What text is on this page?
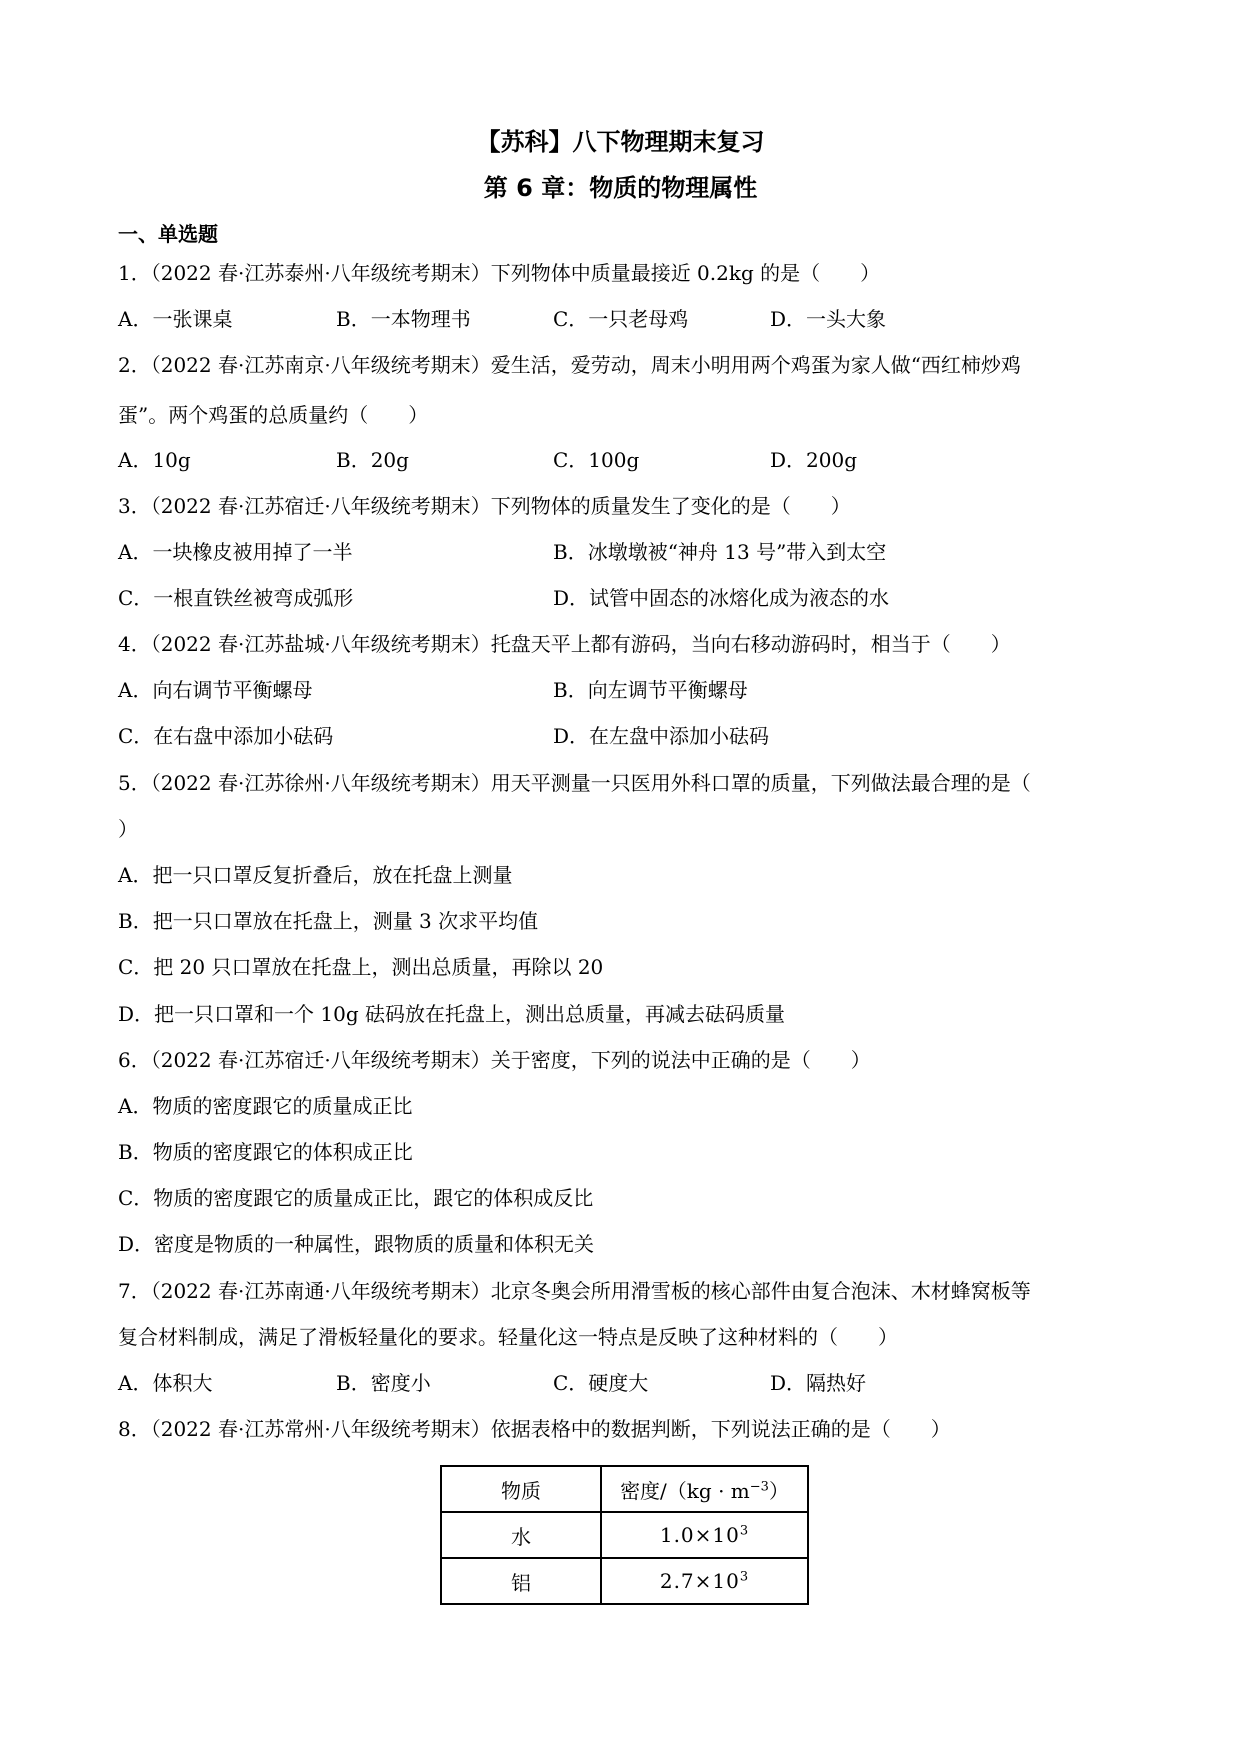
【苏科】八下物理期末复习
第 6 章：物质的物理属性
一、单选题
1．（2022 春·江苏泰州·八年级统考期末）下列物体中质量最接近 0.2kg 的是（　　）
A．一张课桌	B．一本物理书	C．一只老母鸡	D．一头大象
2．（2022 春·江苏南京·八年级统考期末）爱生活，爱劳动，周末小明用两个鸡蛋为家人做“西红柿炒鸡
蛋”。两个鸡蛋的总质量约（　　）
A．10g	B．20g	C．100g	D．200g
3．（2022 春·江苏宿迁·八年级统考期末）下列物体的质量发生了变化的是（　　）
A．一块橡皮被用掉了一半	B．冰墩墩被“神舟 13 号”带入到太空
C．一根直铁丝被弯成弧形	D．试管中固态的冰熔化成为液态的水
4．（2022 春·江苏盐城·八年级统考期末）托盘天平上都有游码，当向右移动游码时，相当于（　　）
A．向右调节平衡螺母	B．向左调节平衡螺母
C．在右盘中添加小砝码	D．在左盘中添加小砝码
5．（2022 春·江苏徐州·八年级统考期末）用天平测量一只医用外科口罩的质量，下列做法最合理的是（
）
A．把一只口罩反复折叠后，放在托盘上测量
B．把一只口罩放在托盘上，测量 3 次求平均值
C．把 20 只口罩放在托盘上，测出总质量，再除以 20
D．把一只口罩和一个 10g 砝码放在托盘上，测出总质量，再减去砝码质量
6．（2022 春·江苏宿迁·八年级统考期末）关于密度，下列的说法中正确的是（　　）
A．物质的密度跟它的质量成正比
B．物质的密度跟它的体积成正比
C．物质的密度跟它的质量成正比，跟它的体积成反比
D．密度是物质的一种属性，跟物质的质量和体积无关
7．（2022 春·江苏南通·八年级统考期末）北京冬奥会所用滑雪板的核心部件由复合泡沫、木材蜂窝板等
复合材料制成，满足了滑板轻量化的要求。轻量化这一特点是反映了这种材料的（　　）
A．体积大	B．密度小	C．硬度大	D．隔热好
8．（2022 春·江苏常州·八年级统考期末）依据表格中的数据判断，下列说法正确的是（　　）
物质	密度$/(kg \cdot m^{-3})$
水	$1.0\times 10^3$
铝	$2.7\times 10^3$
